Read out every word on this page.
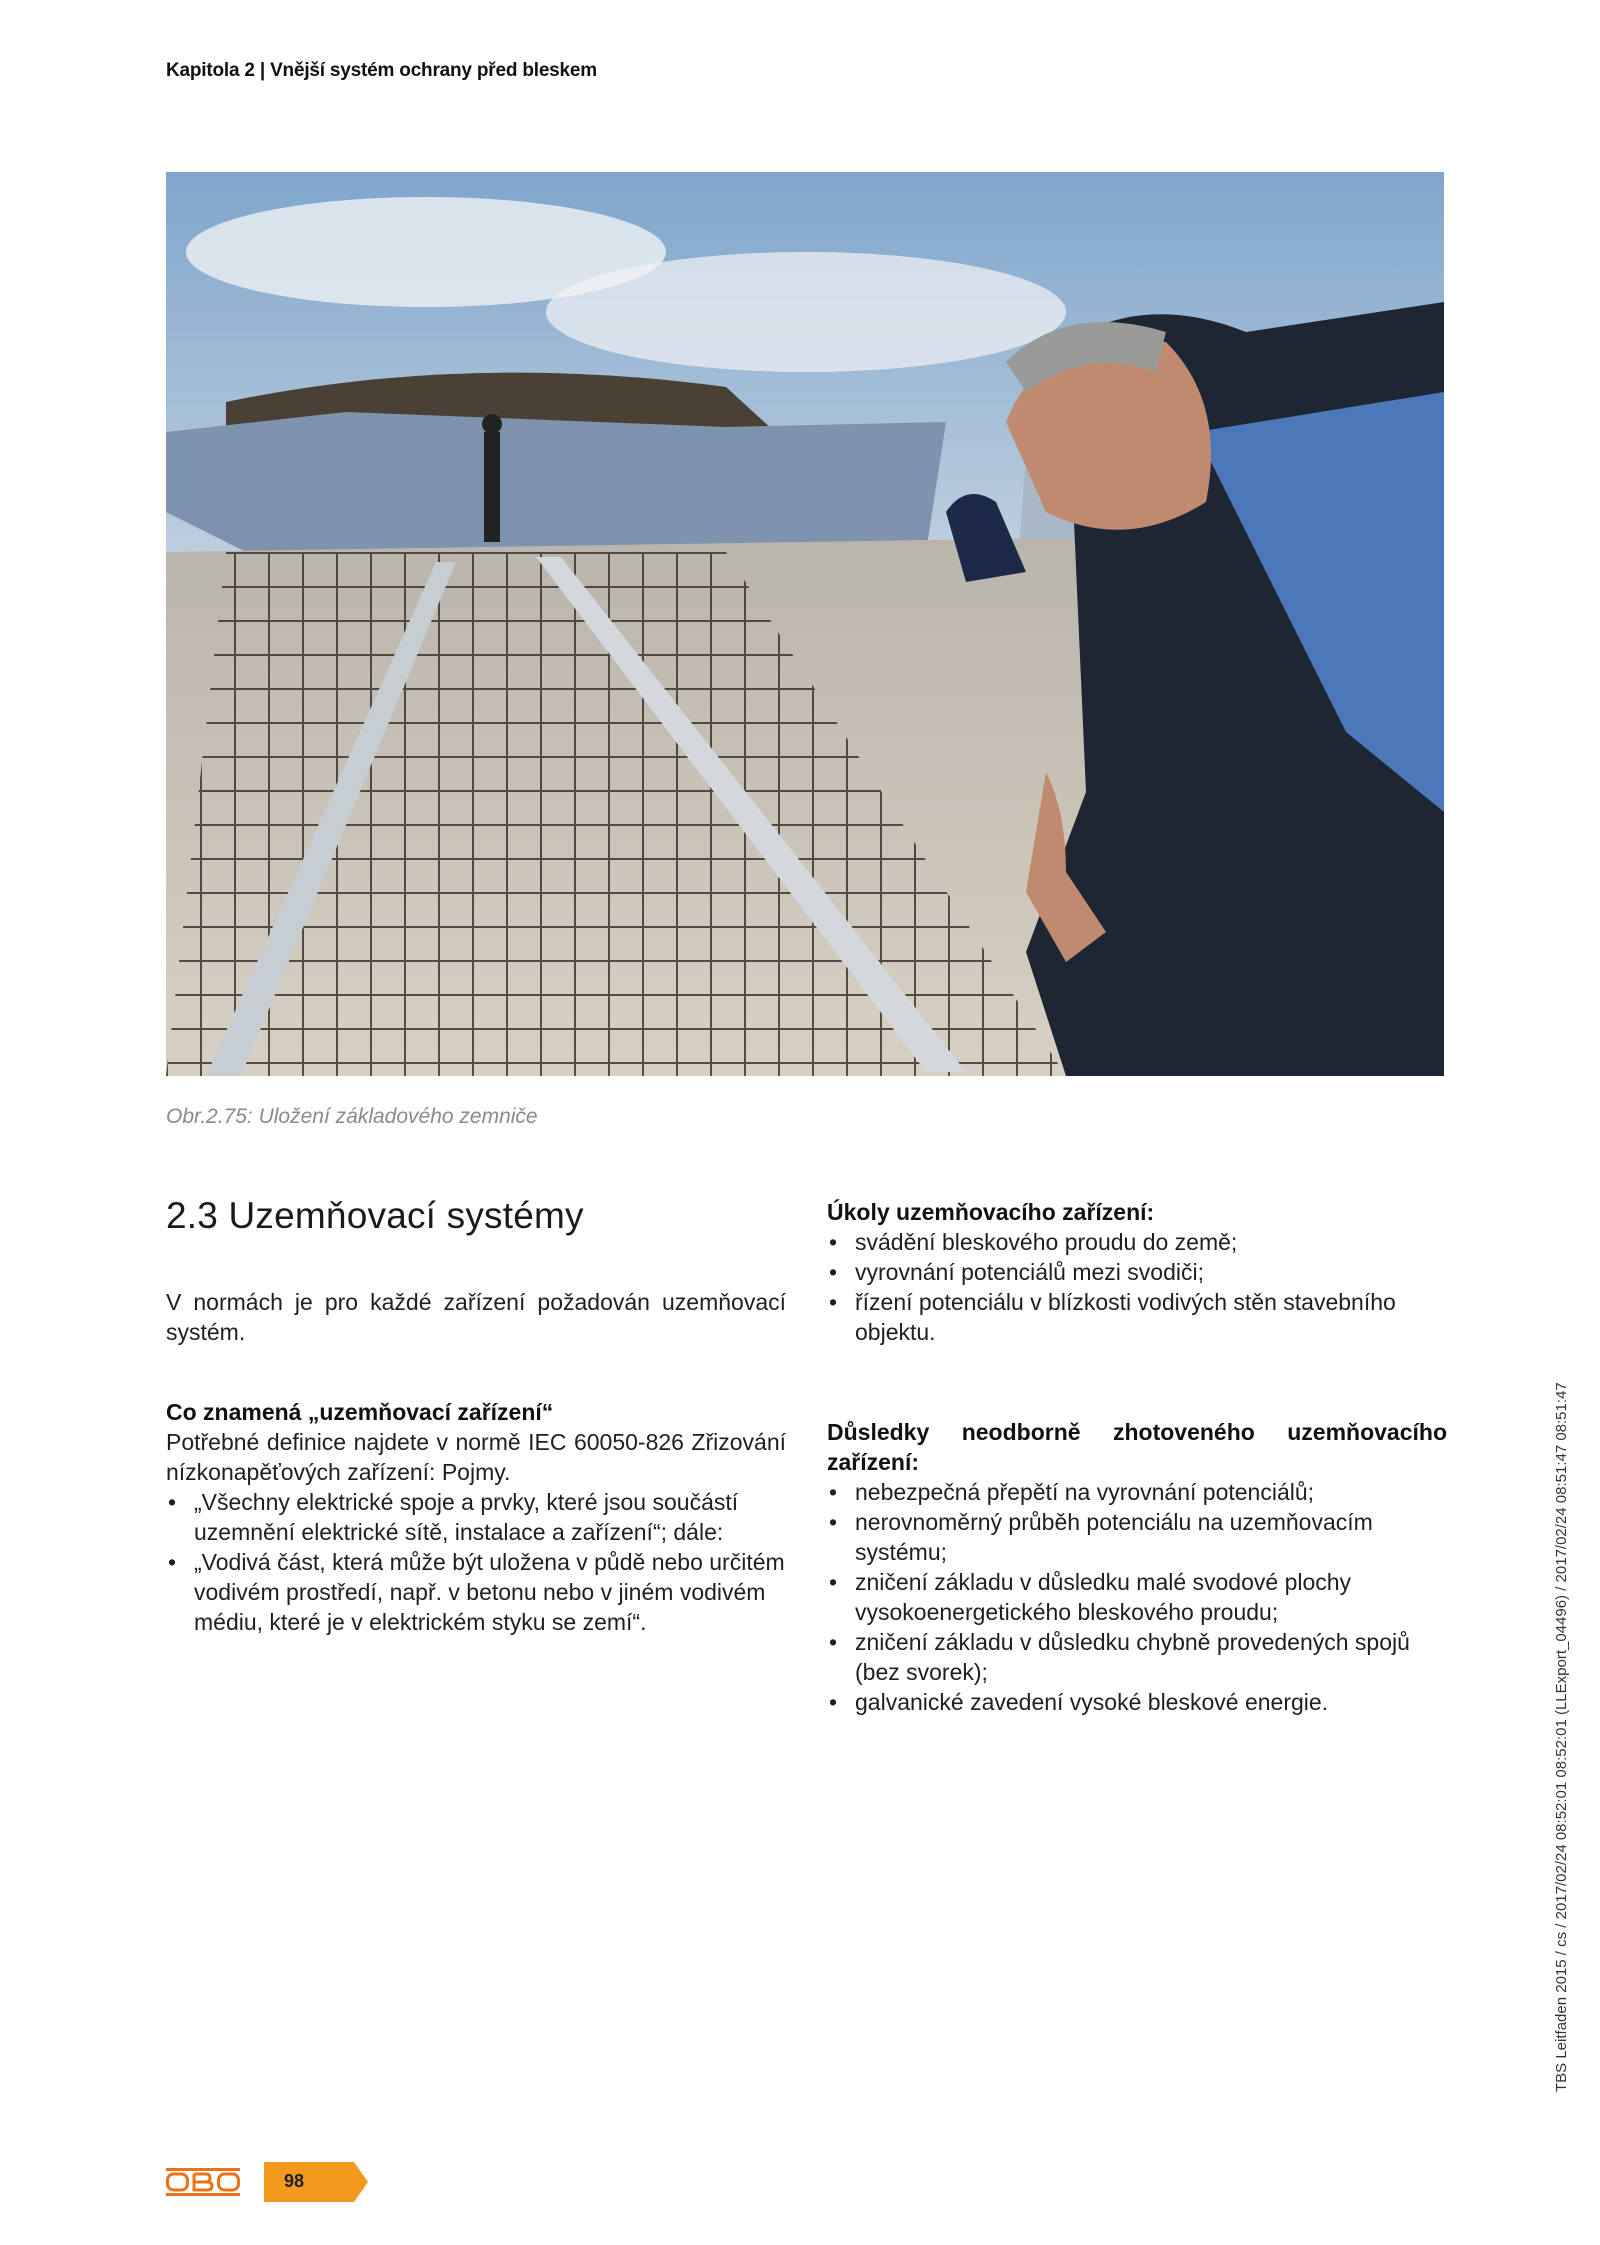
Kapitola 2 | Vnější systém ochrany před bleskem
Obr.2.75: Uložení základového zemniče
2.3 Uzemňovací systémy

V normách je pro každé zařízení požadován uzemňovací systém.

Co znamená „uzemňovací zařízení“

Potřebné definice najdete v normě IEC 60050-826 Zřizování nízkonapěťových zařízení: Pojmy.

• „Všechny elektrické spoje a prvky, které jsou součástí uzemnění elektrické sítě, instalace a zařízení“; dále:
• „Vodivá část, která může být uložena v půdě nebo určitém vodivém prostředí, např. v betonu nebo v jiném vodivém médiu, které je v elektrickém styku se zemí“.
Úkoly uzemňovacího zařízení:
• svádění bleskového proudu do země;
• vyrovnání potenciálů mezi svodiči;
• řízení potenciálu v blízkosti vodivých stěn stavebního objektu.
Důsledky neodborně zhotoveného uzemňovacího zařízení:
• nebezpečná přepětí na vyrovnání potenciálů;
• nerovnoměrný průběh potenciálu na uzemňovacím systému;
• zničení základu v důsledku malé svodové plochy vysokoenergetického bleskového proudu;
• zničení základu v důsledku chybně provedených spojů (bez svorek);
• galvanické zavedení vysoké bleskové energie.	TBS Leitfaden 2015 / cs / 2017/02/24 08:52:01 08:52:01 (LLExport_04496) / 2017/02/24 08:51:47 08:51:47
98
